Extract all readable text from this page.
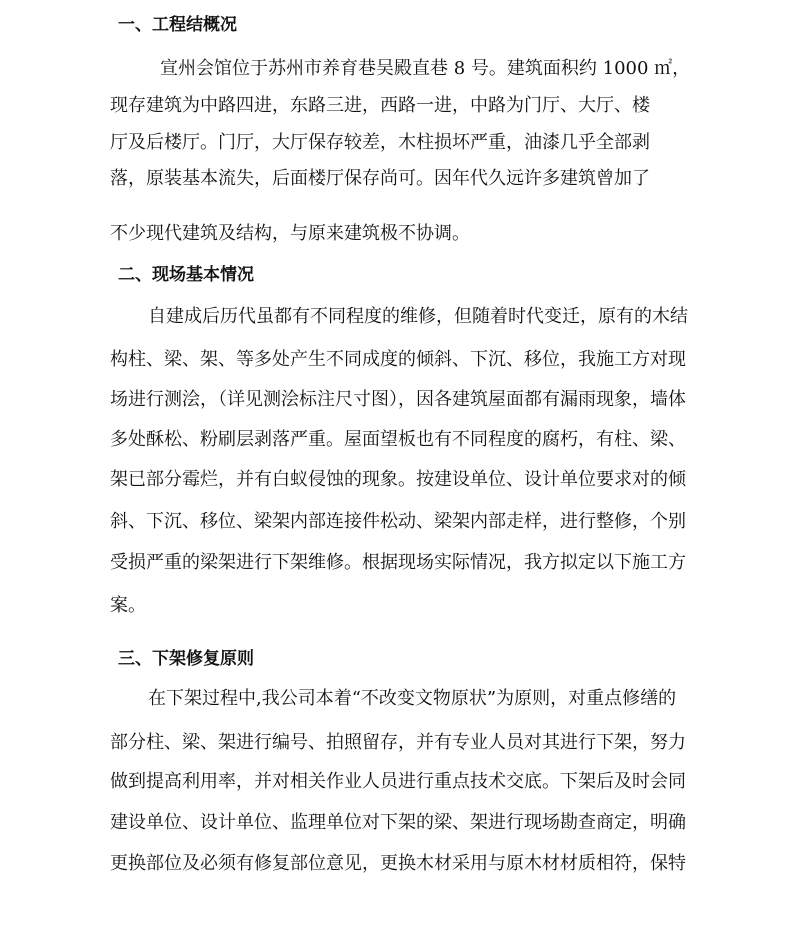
一、工程结概况

宣州会馆位于苏州市养育巷吴殿直巷 8 号。建筑面积约 1000 ㎡，

现存建筑为中路四进，东路三进，西路一进，中路为门厅、大厅、楼

厅及后楼厅。门厅，大厅保存较差，木柱损坏严重，油漆几乎全部剥

落，原装基本流失，后面楼厅保存尚可。因年代久远许多建筑曾加了

不少现代建筑及结构，与原来建筑极不协调。

二、现场基本情况

自建成后历代虽都有不同程度的维修，但随着时代变迁，原有的木结

构柱、梁、架、等多处产生不同成度的倾斜、下沉、移位，我施工方对现

场进行测浍，（详见测浍标注尺寸图），因各建筑屋面都有漏雨现象，墙体

多处酥松、粉刷层剥落严重。屋面望板也有不同程度的腐朽，有柱、梁、

架已部分霉烂，并有白蚁侵蚀的现象。按建设单位、设计单位要求对的倾

斜、下沉、移位、梁架内部连接件松动、梁架内部走样，进行整修，个别

受损严重的梁架进行下架维修。根据现场实际情况，我方拟定以下施工方

案。

三、下架修复原则

在下架过程中,我公司本着“不改变文物原状”为原则，对重点修缮的

部分柱、梁、架进行编号、拍照留存，并有专业人员对其进行下架，努力

做到提高利用率，并对相关作业人员进行重点技术交底。下架后及时会同

建设单位、设计单位、监理单位对下架的梁、架进行现场勘查商定，明确

更换部位及必须有修复部位意见，更换木材采用与原木材材质相符，保特
